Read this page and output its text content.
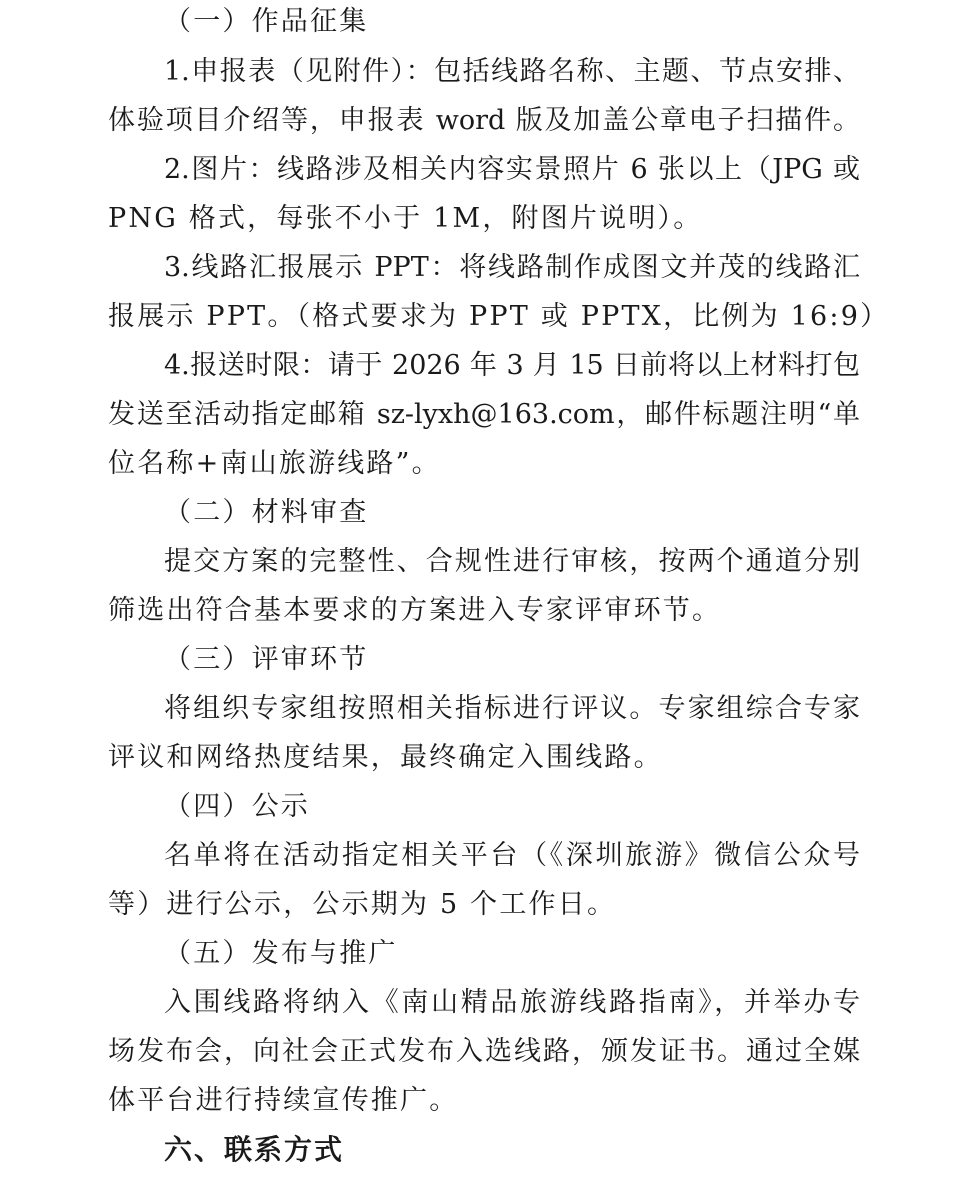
（一）作品征集
1.申报表（见附件）：包括线路名称、主题、节点安排、
体验项目介绍等，申报表 word 版及加盖公章电子扫描件。
2.图片：线路涉及相关内容实景照片 6 张以上（JPG 或
PNG 格式，每张不小于 1M，附图片说明）。
3.线路汇报展示 PPT：将线路制作成图文并茂的线路汇
报展示 PPT。（格式要求为 PPT 或 PPTX，比例为 16:9）
4.报送时限：请于 2026 年 3 月 15 日前将以上材料打包
发送至活动指定邮箱 sz-lyxh@163.com，邮件标题注明“单
位名称+南山旅游线路”。
（二）材料审查
提交方案的完整性、合规性进行审核，按两个通道分别
筛选出符合基本要求的方案进入专家评审环节。
（三）评审环节
将组织专家组按照相关指标进行评议。专家组综合专家
评议和网络热度结果，最终确定入围线路。
（四）公示
名单将在活动指定相关平台（《深圳旅游》微信公众号
等）进行公示，公示期为 5 个工作日。
（五）发布与推广
入围线路将纳入《南山精品旅游线路指南》，并举办专
场发布会，向社会正式发布入选线路，颁发证书。通过全媒
体平台进行持续宣传推广。
六、联系方式
